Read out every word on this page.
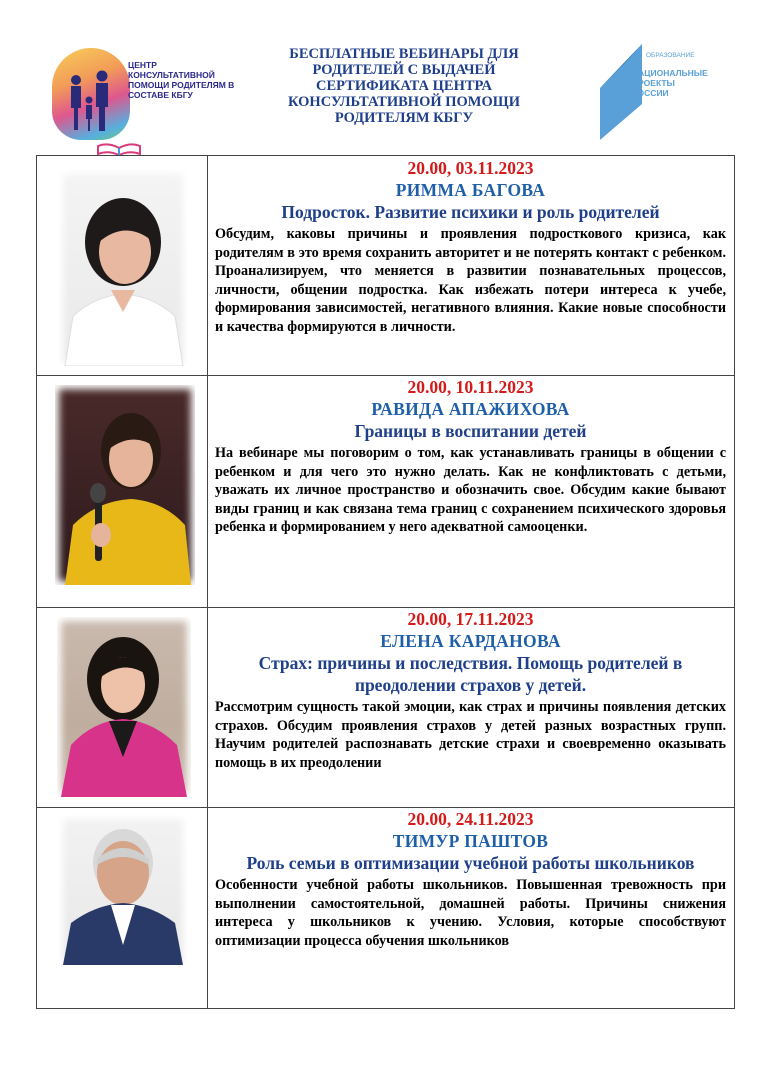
ЦЕНТР КОНСУЛЬТАТИВНОЙ ПОМОЩИ РОДИТЕЛЯМ В СОСТАВЕ КБГУ
БЕСПЛАТНЫЕ ВЕБИНАРЫ ДЛЯ
РОДИТЕЛЕЙ С ВЫДАЧЕЙ
СЕРТИФИКАТА ЦЕНТРА
КОНСУЛЬТАТИВНОЙ ПОМОЩИ
РОДИТЕЛЯМ КБГУ
ОБРАЗОВАНИЕ
НАЦИОНАЛЬНЫЕ ПРОЕКТЫ РОССИИ
20.00, 03.11.2023
РИММА БАГОВА
Подросток. Развитие психики и роль родителей
Обсудим, каковы причины и проявления подросткового кризиса, как родителям в это время сохранить авторитет и не потерять контакт с ребенком. Проанализируем, что меняется в развитии познавательных процессов, личности, общении подростка. Как избежать потери интереса к учебе, формирования зависимостей, негативного влияния. Какие новые способности и качества формируются в личности.
20.00, 10.11.2023
РАВИДА АПАЖИХОВА
Границы в воспитании детей
На вебинаре мы поговорим о том, как устанавливать границы в общении с ребенком и для чего это нужно делать. Как не конфликтовать с детьми, уважать их личное пространство и обозначить свое. Обсудим какие бывают виды границ и как связана тема границ с сохранением психического здоровья ребенка и формированием у него адекватной самооценки.
20.00, 17.11.2023
ЕЛЕНА КАРДАНОВА
Страх: причины и последствия. Помощь родителей в преодолении страхов у детей.
Рассмотрим сущность такой эмоции, как страх и причины появления детских страхов. Обсудим проявления страхов у детей разных возрастных групп. Научим родителей распознавать детские страхи и своевременно оказывать помощь в их преодолении
20.00, 24.11.2023
ТИМУР ПАШТОВ
Роль семьи в оптимизации учебной работы школьников
Особенности учебной работы школьников. Повышенная тревожность при выполнении самостоятельной, домашней работы. Причины снижения интереса у школьников к учению. Условия, которые способствуют оптимизации процесса обучения школьников
